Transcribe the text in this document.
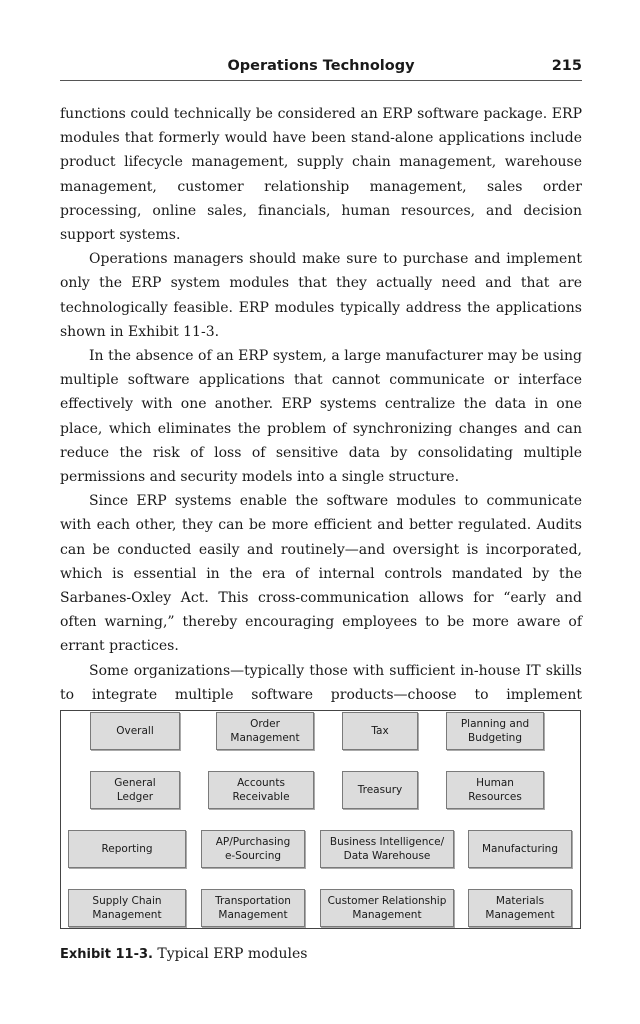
Operations Technology	215

functions could technically be considered an ERP software package. ERP modules that formerly would have been stand-alone applications include product lifecycle management, supply chain management, warehouse management, customer relationship management, sales order processing, online sales, financials, human resources, and decision support systems.

Operations managers should make sure to purchase and implement only the ERP system modules that they actually need and that are technologically feasible. ERP modules typically address the applications shown in Exhibit 11-3.

In the absence of an ERP system, a large manufacturer may be using multiple software applications that cannot communicate or interface effectively with one another. ERP systems centralize the data in one place, which eliminates the problem of synchronizing changes and can reduce the risk of loss of sensitive data by consolidating multiple permissions and security models into a single structure.

Since ERP systems enable the software modules to communicate with each other, they can be more efficient and better regulated. Audits can be conducted easily and routinely—and oversight is incorporated, which is essential in the era of internal controls mandated by the Sarbanes-Oxley Act. This cross-communication allows for “early and often warning,” thereby encouraging employees to be more aware of errant practices.

Some organizations—typically those with sufficient in-house IT skills to integrate multiple software products—choose to implement

Overall
Order
Management
Tax
Planning and
Budgeting
General
Ledger
Accounts
Receivable
Treasury
Human
Resources
Reporting
AP/Purchasing
e-Sourcing
Business Intelligence/
Data Warehouse
Manufacturing
Supply Chain
Management
Transportation
Management
Customer Relationship
Management
Materials
Management
Exhibit 11-3. Typical ERP modules
